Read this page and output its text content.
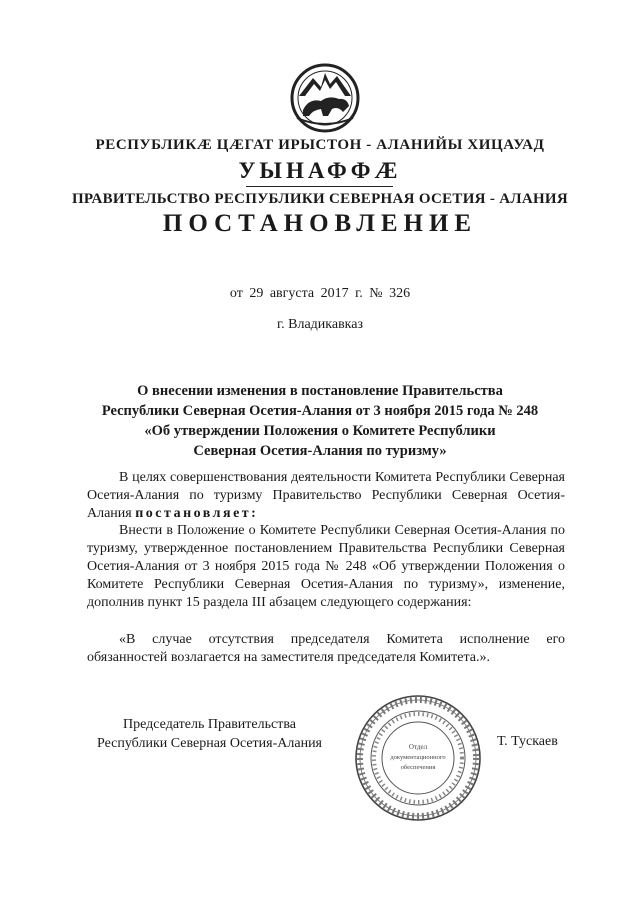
РЕСПУБЛИКÆ ЦÆГАТ ИРЫСТОН - АЛАНИЙЫ ХИЦАУАД
УЫНАФФÆ
ПРАВИТЕЛЬСТВО РЕСПУБЛИКИ СЕВЕРНАЯ ОСЕТИЯ - АЛАНИЯ
ПОСТАНОВЛЕНИЕ
от 29 августа 2017 г. № 326
г. Владикавказ
О внесении изменения в постановление Правительства
Республики Северная Осетия-Алания от 3 ноября 2015 года № 248
«Об утверждении Положения о Комитете Республики
Северная Осетия-Алания по туризму»
В целях совершенствования деятельности Комитета Республики Северная Осетия-Алания по туризму Правительство Республики Северная Осетия-Алания постановляет:
Внести в Положение о Комитете Республики Северная Осетия-Алания по туризму, утвержденное постановлением Правительства Республики Северная Осетия-Алания от 3 ноября 2015 года № 248 «Об утверждении Положения о Комитете Республики Северная Осетия-Алания по туризму», изменение, дополнив пункт 15 раздела III абзацем следующего содержания:
«В случае отсутствия председателя Комитета исполнение его обязанностей возлагается на заместителя председателя Комитета.».
Председатель Правительства
Республики Северная Осетия-Алания	Отдел
документационного
обеспечения
Т. Тускаев
